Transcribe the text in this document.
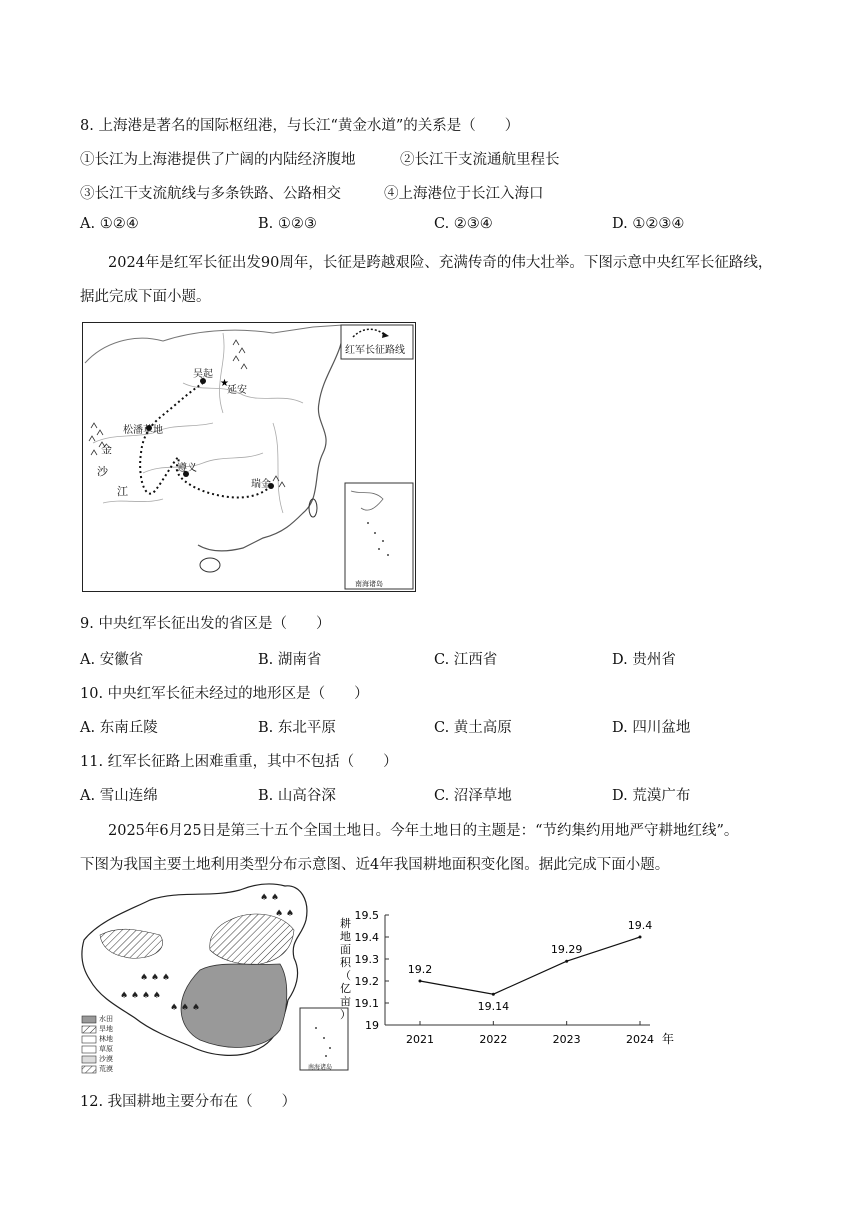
8. 上海港是著名的国际枢纽港，与长江“黄金水道”的关系是（　　）
①长江为上海港提供了广阔的内陆经济腹地	②长江干支流通航里程长
③长江干支流航线与多条铁路、公路相交	④上海港位于长江入海口
A. ①②④	B. ①②③	C. ②③④	D. ①②③④
2024年是红军长征出发90周年，长征是跨越艰险、充满传奇的伟大壮举。下图示意中央红军长征路线，
据此完成下面小题。
★
红军长征路线
吴起
延安
松潘草地
遵义
瑞金
金
沙
江
南海诸岛
9. 中央红军长征出发的省区是（　　）
A. 安徽省	B. 湖南省	C. 江西省	D. 贵州省
10. 中央红军长征未经过的地形区是（　　）
A. 东南丘陵	B. 东北平原	C. 黄土高原	D. 四川盆地
11. 红军长征路上困难重重，其中不包括（　　）
A. 雪山连绵	B. 山高谷深	C. 沼泽草地	D. 荒漠广布
2025年6月25日是第三十五个全国土地日。今年土地日的主题是：“节约集约用地严守耕地红线”。
下图为我国主要土地利用类型分布示意图、近4年我国耕地面积变化图。据此完成下面小题。
♠ ♠ ♠
♠ ♠ ♠ ♠
♠ ♠
♠ ♠
♠ ♠ ♠
水田
旱地
林地
草原
沙漠
荒漠	南海诸岛
19
19.1
19.2
19.3
19.4
19.5
2021	2022	2023	2024 年
19.2
19.14
19.29
19.4
耕
地
面
积
（
亿
亩
）
12. 我国耕地主要分布在（　　）
